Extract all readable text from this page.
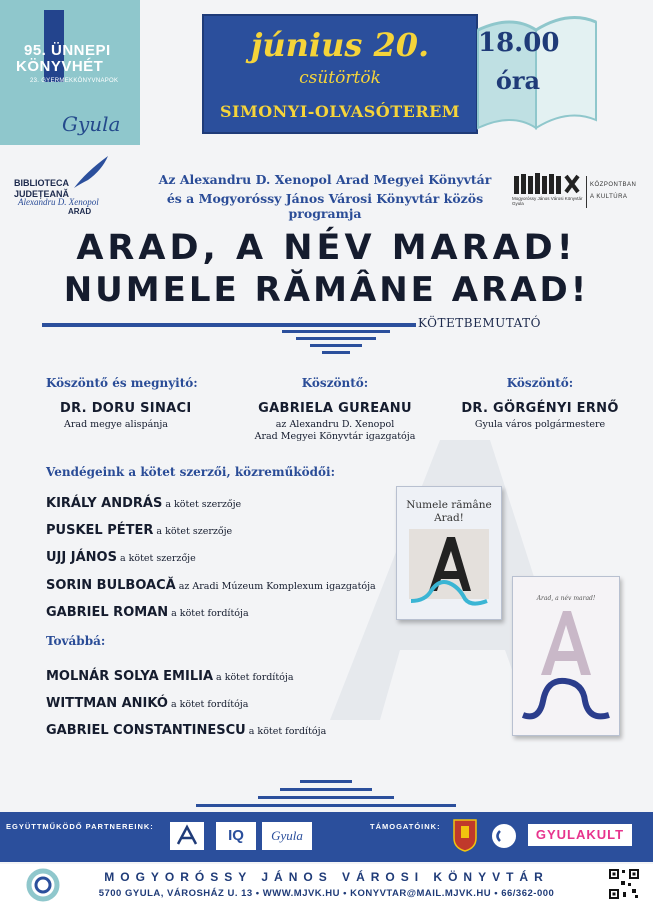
95. ÜNNEPI
KÖNYVHÉT
23. GYERMEKKÖNYVNAPOK
Gyula
június 20.
csütörtök
SIMONYI-OLVASÓTEREM
18.00
óra
BIBLIOTECA
JUDEȚEANĂ
Alexandru D. Xenopol
ARAD
Az Alexandru D. Xenopol Arad Megyei Könyvtár
és a Mogyoróssy János Városi Könyvtár közös programja
Mogyoróssy János Városi Könyvtár Gyula
KÖZPONTBAN
A KULTÚRA
ARAD, A NÉV MARAD!
NUMELE RĂMÂNE ARAD!
KÖTETBEMUTATÓ
Köszöntő és megnyitó:
DR. DORU SINACI
Arad megye alispánja
Köszöntő:
GABRIELA GUREANU
az Alexandru D. Xenopol
Arad Megyei Könyvtár igazgatója
Köszöntő:
DR. GÖRGÉNYI ERNŐ
Gyula város polgármestere
Vendégeink a kötet szerzői, közreműködői:
KIRÁLY ANDRÁS a kötet szerzője
PUSKEL PÉTER a kötet szerzője
UJJ JÁNOS a kötet szerzője
SORIN BULBOACĂ az Aradi Múzeum Komplexum igazgatója
GABRIEL ROMAN a kötet fordítója
Továbbá:
MOLNÁR SOLYA EMILIA a kötet fordítója
WITTMAN ANIKÓ a kötet fordítója
GABRIEL CONSTANTINESCU a kötet fordítója
Numele rămâne
Arad!
Arad, a név marad!
EGYÜTTMŰKÖDŐ PARTNEREINK:	TÁMOGATÓINK:
IQ	Gyula	GYULAKULT
MOGYORÓSSY JÁNOS VÁROSI KÖNYVTÁR
5700 GYULA, VÁROSHÁZ U. 13 • WWW.MJVK.HU • KONYVTAR@MAIL.MJVK.HU • 66/362-000
